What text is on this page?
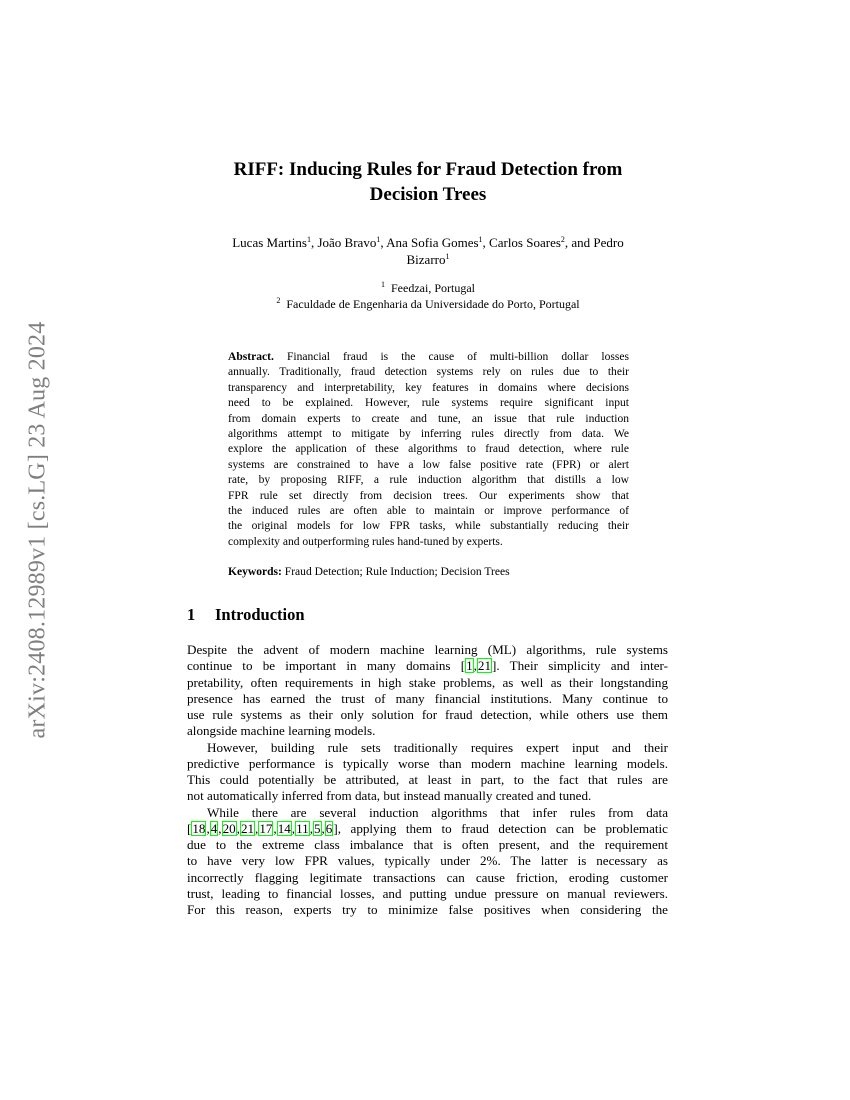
arXiv:2408.12989v1 [cs.LG] 23 Aug 2024
RIFF: Inducing Rules for Fraud Detection from
Decision Trees
Lucas Martins$^1$, João Bravo$^1$, Ana Sofia Gomes$^1$, Carlos Soares$^2$, and Pedro
Bizarro$^1$
$^1$ Feedzai, Portugal
$^2$ Faculdade de Engenharia da Universidade do Porto, Portugal
Abstract. Financial fraud is the cause of multi-billion dollar losses
annually. Traditionally, fraud detection systems rely on rules due to their
transparency and interpretability, key features in domains where decisions
need to be explained. However, rule systems require significant input
from domain experts to create and tune, an issue that rule induction
algorithms attempt to mitigate by inferring rules directly from data. We
explore the application of these algorithms to fraud detection, where rule
systems are constrained to have a low false positive rate (FPR) or alert
rate, by proposing RIFF, a rule induction algorithm that distills a low
FPR rule set directly from decision trees. Our experiments show that
the induced rules are often able to maintain or improve performance of
the original models for low FPR tasks, while substantially reducing their
complexity and outperforming rules hand-tuned by experts.
Keywords: Fraud Detection; Rule Induction; Decision Trees
1 Introduction

Despite the advent of modern machine learning (ML) algorithms, rule systems
continue to be important in many domains [1,21]. Their simplicity and inter-
pretability, often requirements in high stake problems, as well as their longstanding
presence has earned the trust of many financial institutions. Many continue to
use rule systems as their only solution for fraud detection, while others use them
alongside machine learning models.

However, building rule sets traditionally requires expert input and their
predictive performance is typically worse than modern machine learning models.
This could potentially be attributed, at least in part, to the fact that rules are
not automatically inferred from data, but instead manually created and tuned.

While there are several induction algorithms that infer rules from data
[18,4,20,21,17,14,11,5,6], applying them to fraud detection can be problematic
due to the extreme class imbalance that is often present, and the requirement
to have very low FPR values, typically under 2%. The latter is necessary as
incorrectly flagging legitimate transactions can cause friction, eroding customer
trust, leading to financial losses, and putting undue pressure on manual reviewers.
For this reason, experts try to minimize false positives when considering the
